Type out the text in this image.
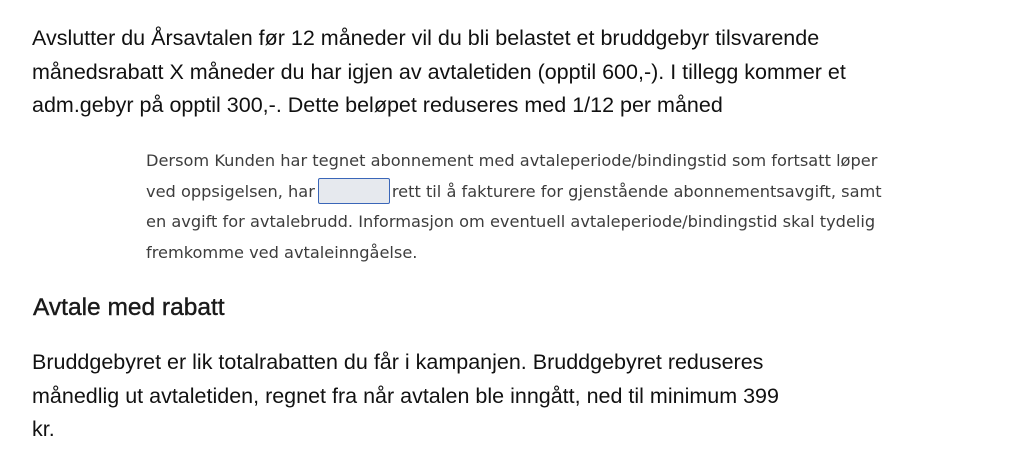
Avslutter du Årsavtalen før 12 måneder vil du bli belastet et bruddgebyr tilsvarende
månedsrabatt X måneder du har igjen av avtaletiden (opptil 600,-). I tillegg kommer et
adm.gebyr på opptil 300,-. Dette beløpet reduseres med 1/12 per måned

Dersom Kunden har tegnet abonnement med avtaleperiode/bindingstid som fortsatt løper
ved oppsigelsen, har	rett til å fakturere for gjenstående abonnementsavgift, samt
en avgift for avtalebrudd. Informasjon om eventuell avtaleperiode/bindingstid skal tydelig
fremkomme ved avtaleinngåelse.
Avtale med rabatt

Bruddgebyret er lik totalrabatten du får i kampanjen. Bruddgebyret reduseres
månedlig ut avtaletiden, regnet fra når avtalen ble inngått, ned til minimum 399
kr.
